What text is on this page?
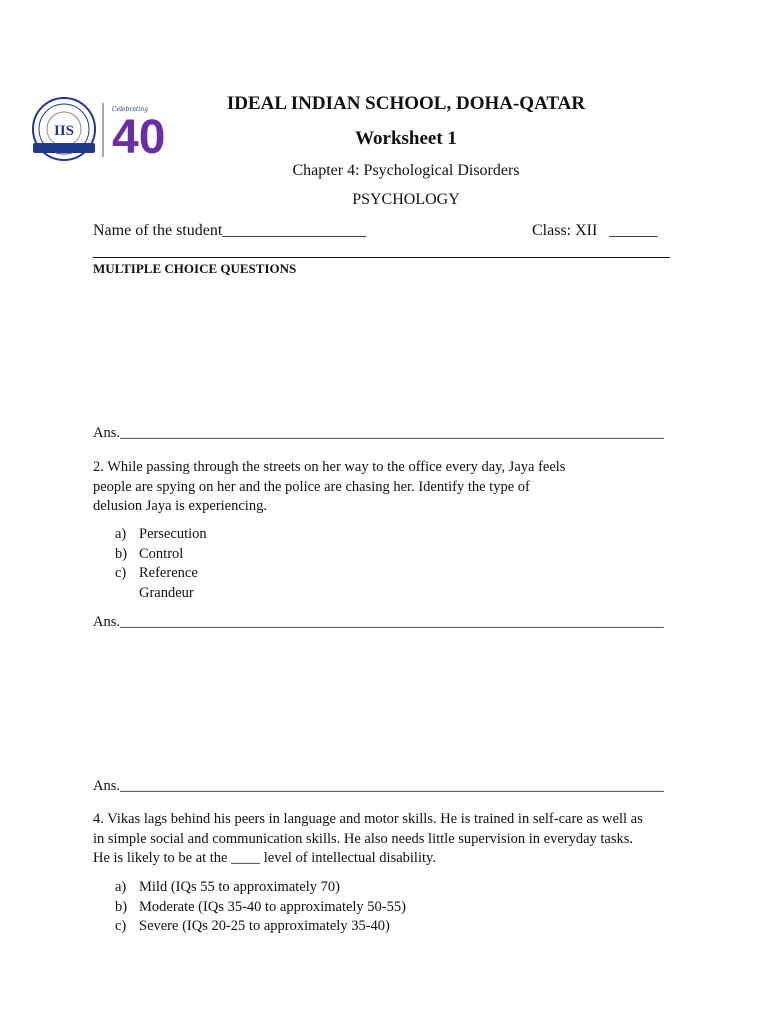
IIS
Celebrating
40
IDEAL INDIAN SCHOOL, DOHA-QATAR
Worksheet 1
Chapter 4: Psychological Disorders
PSYCHOLOGY
Name of the student__________________	Class: XII ______
MULTIPLE CHOICE QUESTIONS
Ans.___________________________________________________________________________
2. While passing through the streets on her way to the office every day, Jaya feels
people are spying on her and the police are chasing her. Identify the type of
delusion Jaya is experiencing.
a) Persecution
b) Control
c) Reference
Grandeur
Ans.___________________________________________________________________________
Ans.___________________________________________________________________________
4. Vikas lags behind his peers in language and motor skills. He is trained in self-care as well as
in simple social and communication skills. He also needs little supervision in everyday tasks.
He is likely to be at the ____ level of intellectual disability.
a) Mild (IQs 55 to approximately 70)
b) Moderate (IQs 35-40 to approximately 50-55)
c) Severe (IQs 20-25 to approximately 35-40)
